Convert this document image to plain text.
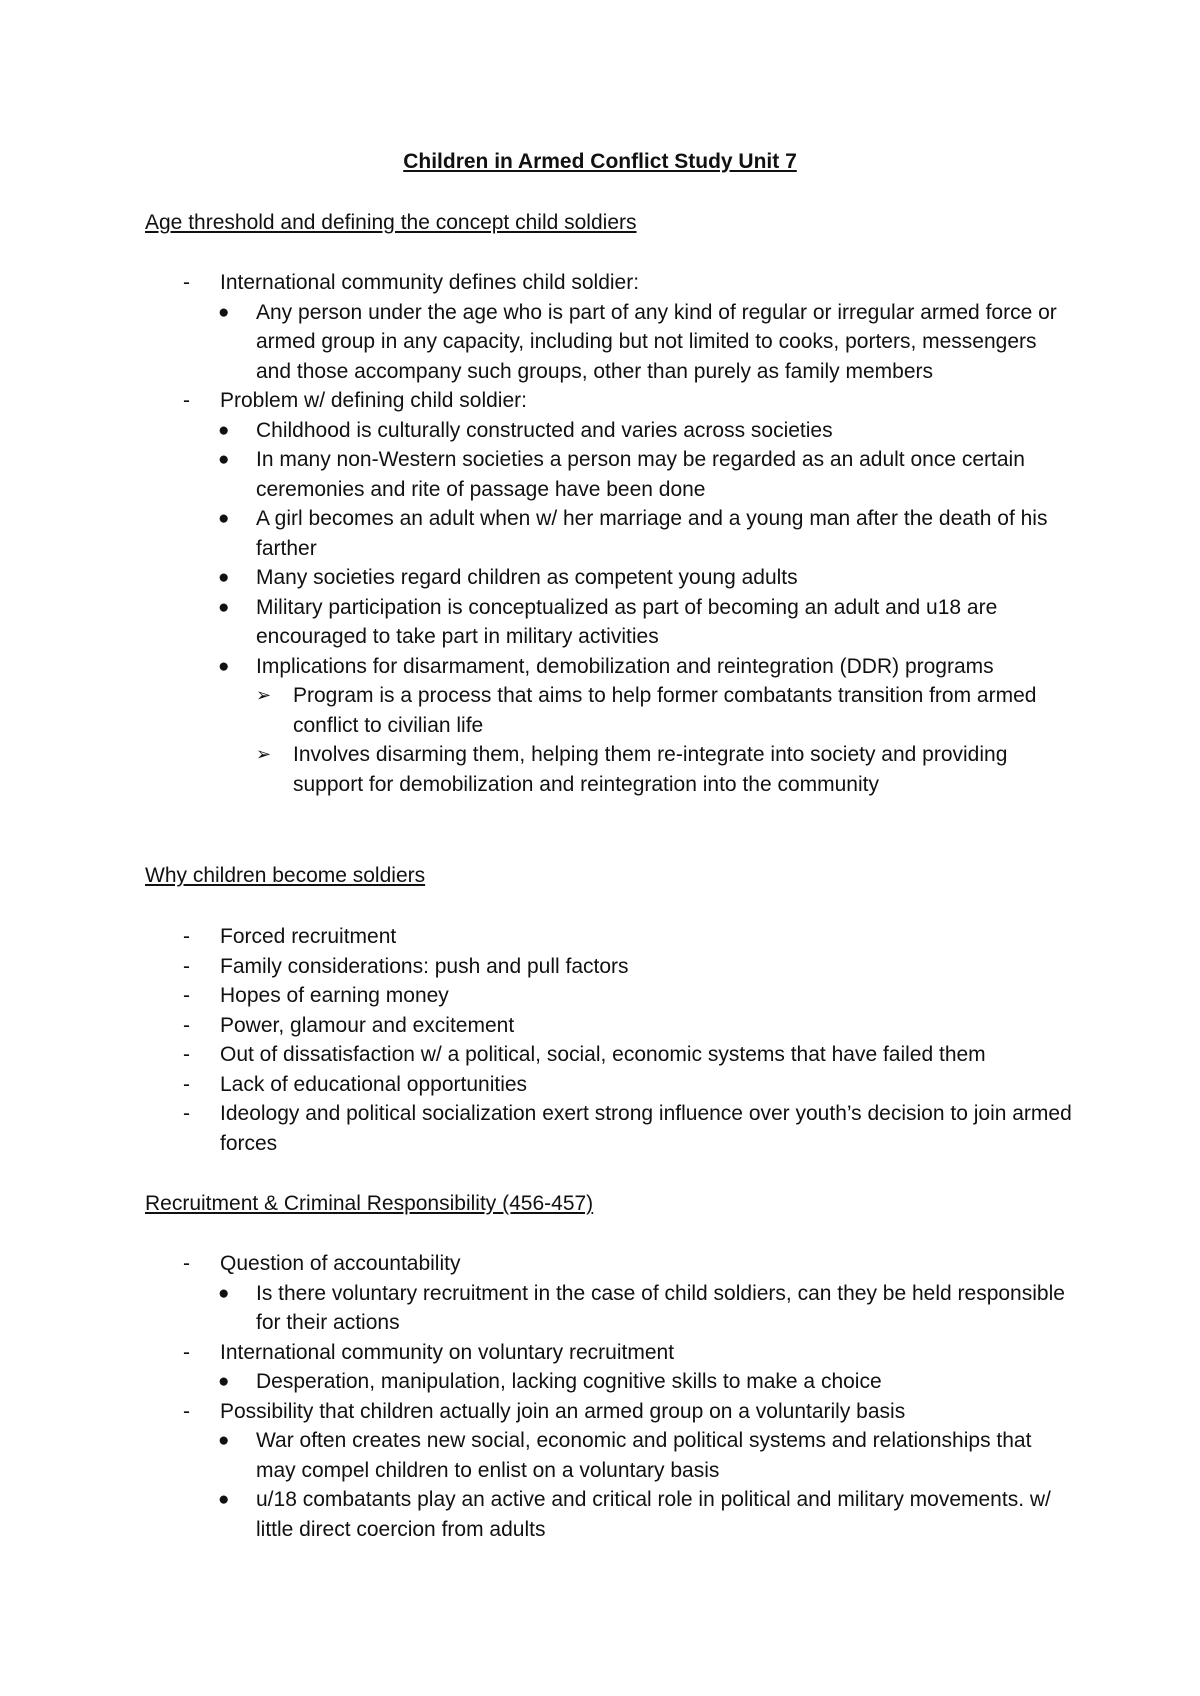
Children in Armed Conflict Study Unit 7
Age threshold and defining the concept child soldiers
- International community defines child soldier:
● Any person under the age who is part of any kind of regular or irregular armed force or armed group in any capacity, including but not limited to cooks, porters, messengers and those accompany such groups, other than purely as family members
- Problem w/ defining child soldier:
● Childhood is culturally constructed and varies across societies
● In many non-Western societies a person may be regarded as an adult once certain ceremonies and rite of passage have been done
● A girl becomes an adult when w/ her marriage and a young man after the death of his farther
● Many societies regard children as competent young adults
● Military participation is conceptualized as part of becoming an adult and u18 are encouraged to take part in military activities
● Implications for disarmament, demobilization and reintegration (DDR) programs
➢ Program is a process that aims to help former combatants transition from armed conflict to civilian life
➢ Involves disarming them, helping them re-integrate into society and providing support for demobilization and reintegration into the community
Why children become soldiers
- Forced recruitment
- Family considerations: push and pull factors
- Hopes of earning money
- Power, glamour and excitement
- Out of dissatisfaction w/ a political, social, economic systems that have failed them
- Lack of educational opportunities
- Ideology and political socialization exert strong influence over youth’s decision to join armed forces
Recruitment & Criminal Responsibility (456-457)
- Question of accountability
● Is there voluntary recruitment in the case of child soldiers, can they be held responsible for their actions
- International community on voluntary recruitment
● Desperation, manipulation, lacking cognitive skills to make a choice
- Possibility that children actually join an armed group on a voluntarily basis
● War often creates new social, economic and political systems and relationships that may compel children to enlist on a voluntary basis
● u/18 combatants play an active and critical role in political and military movements. w/ little direct coercion from adults
